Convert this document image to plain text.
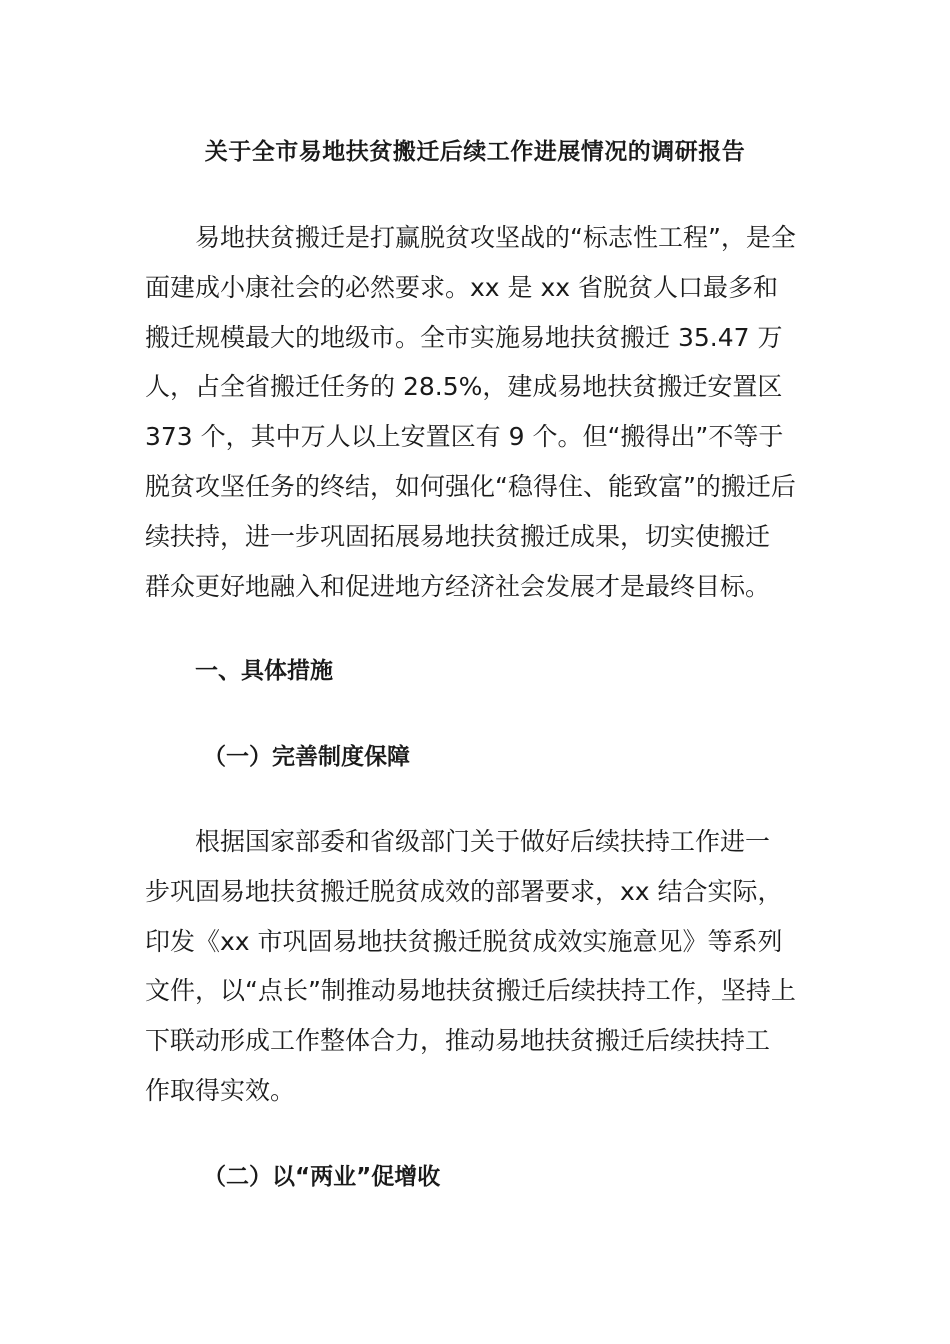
关于全市易地扶贫搬迁后续工作进展情况的调研报告
易地扶贫搬迁是打赢脱贫攻坚战的“标志性工程”，是全
面建成小康社会的必然要求。xx 是 xx 省脱贫人口最多和
搬迁规模最大的地级市。全市实施易地扶贫搬迁 35.47 万
人，占全省搬迁任务的 28.5%，建成易地扶贫搬迁安置区
373 个，其中万人以上安置区有 9 个。但“搬得出”不等于
脱贫攻坚任务的终结，如何强化“稳得住、能致富”的搬迁后
续扶持，进一步巩固拓展易地扶贫搬迁成果，切实使搬迁
群众更好地融入和促进地方经济社会发展才是最终目标。
一、具体措施
（一）完善制度保障
根据国家部委和省级部门关于做好后续扶持工作进一
步巩固易地扶贫搬迁脱贫成效的部署要求，xx 结合实际，
印发《xx 市巩固易地扶贫搬迁脱贫成效实施意见》等系列
文件，以“点长”制推动易地扶贫搬迁后续扶持工作，坚持上
下联动形成工作整体合力，推动易地扶贫搬迁后续扶持工
作取得实效。
（二）以“两业”促增收
